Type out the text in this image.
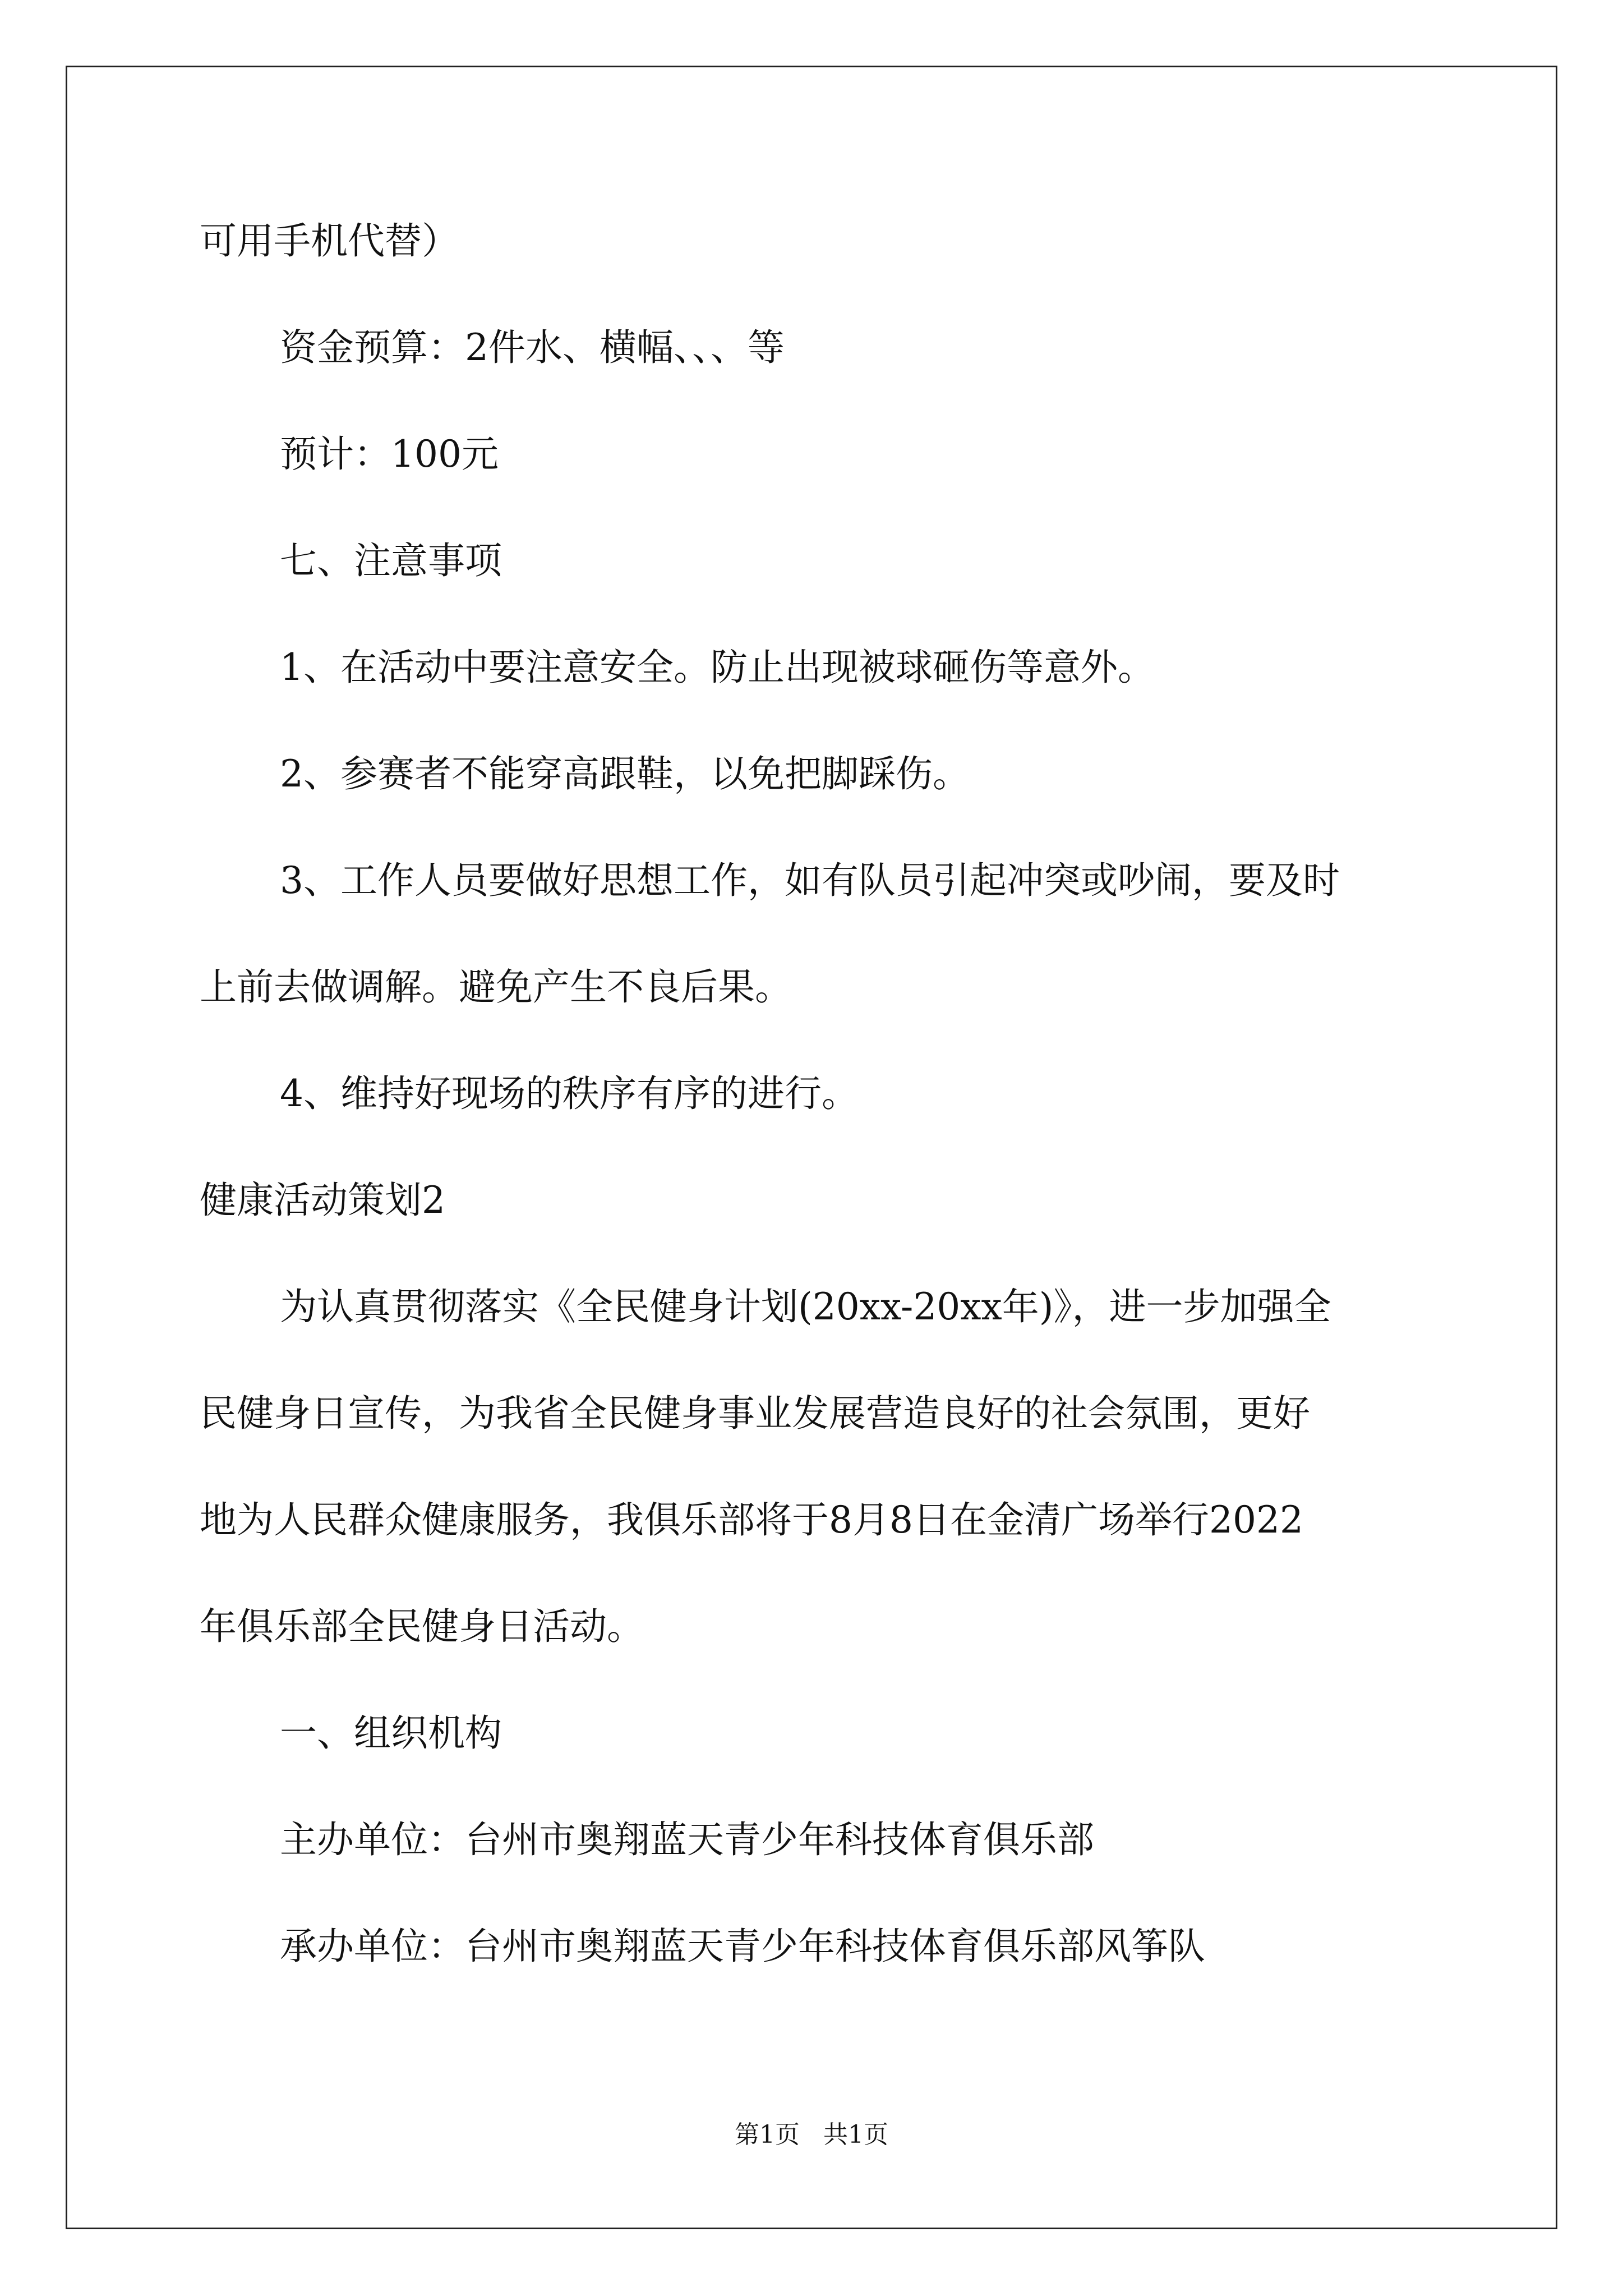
可用手机代替）
资金预算：2件水、横幅、、、等
预计：100元
七、注意事项
1、在活动中要注意安全。防止出现被球砸伤等意外。
2、参赛者不能穿高跟鞋，以免把脚踩伤。
3、工作人员要做好思想工作，如有队员引起冲突或吵闹，要及时
上前去做调解。避免产生不良后果。
4、维持好现场的秩序有序的进行。
健康活动策划2
为认真贯彻落实《全民健身计划(20xx-20xx年)》，进一步加强全
民健身日宣传，为我省全民健身事业发展营造良好的社会氛围，更好
地为人民群众健康服务，我俱乐部将于8月8日在金清广场举行2022
年俱乐部全民健身日活动。
一、组织机构
主办单位：台州市奥翔蓝天青少年科技体育俱乐部
承办单位：台州市奥翔蓝天青少年科技体育俱乐部风筝队
第1页   共1页
